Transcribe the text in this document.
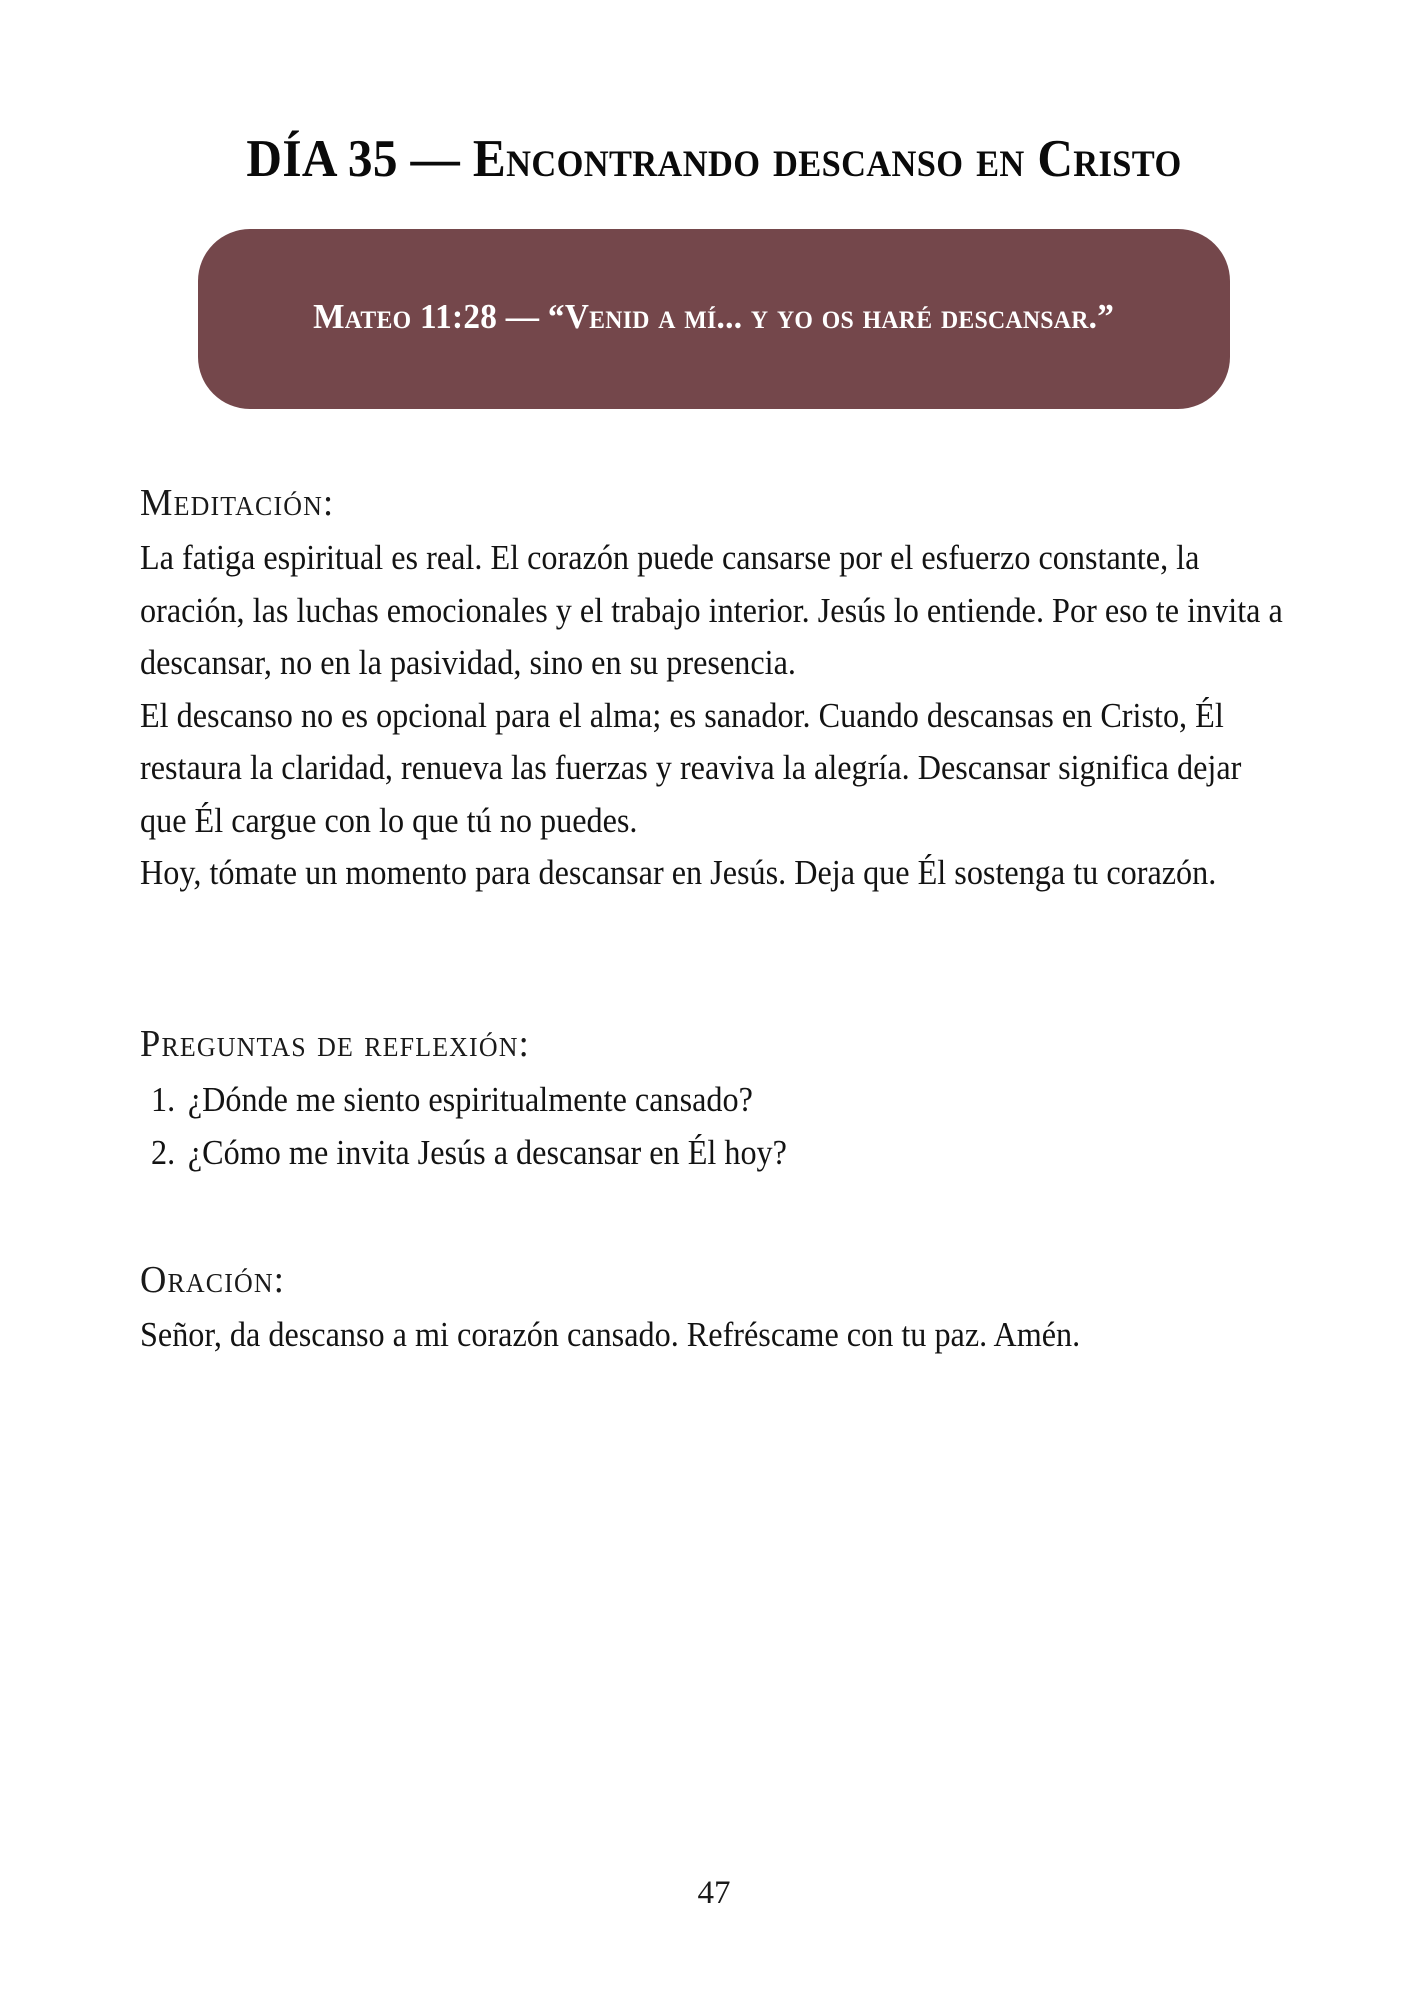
DÍA 35 — Encontrando descanso en Cristo

Mateo 11:28 — “Venid a mí... y yo os haré descansar.”

Meditación:

La fatiga espiritual es real. El corazón puede cansarse por el esfuerzo constante, la oración, las luchas emocionales y el trabajo interior. Jesús lo entiende. Por eso te invita a descansar, no en la pasividad, sino en su presencia.

El descanso no es opcional para el alma; es sanador. Cuando descansas en Cristo, Él restaura la claridad, renueva las fuerzas y reaviva la alegría. Descansar significa dejar que Él cargue con lo que tú no puedes.

Hoy, tómate un momento para descansar en Jesús. Deja que Él sostenga tu corazón.

Preguntas de reflexión:
1. ¿Dónde me siento espiritualmente cansado?
2. ¿Cómo me invita Jesús a descansar en Él hoy?
Oración:

Señor, da descanso a mi corazón cansado. Refréscame con tu paz. Amén.

47
